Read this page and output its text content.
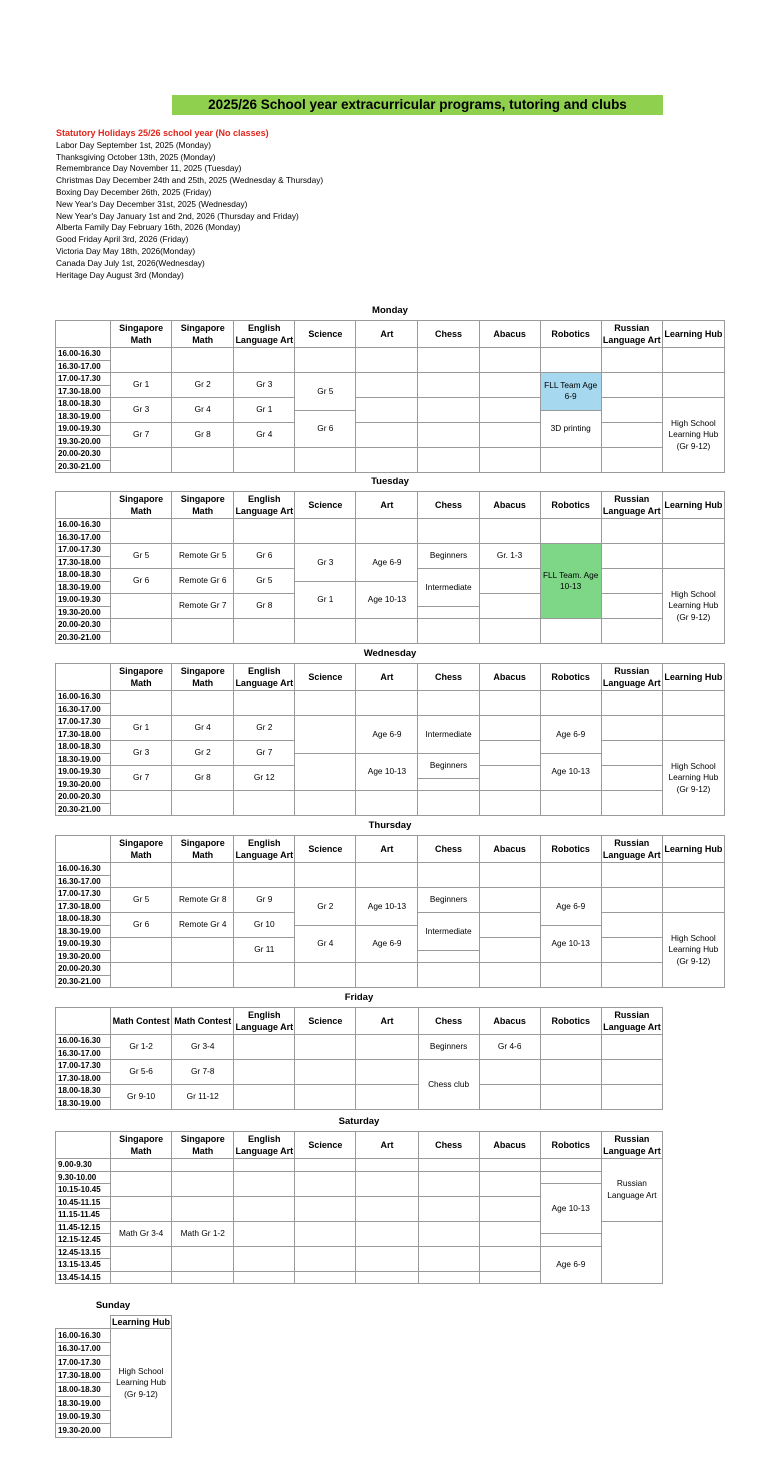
2025/26 School year extracurricular programs, tutoring and clubs
Statutory Holidays 25/26 school year (No classes)
Labor Day September 1st, 2025 (Monday)
Thanksgiving October 13th, 2025 (Monday)
Remembrance Day November 11, 2025 (Tuesday)
Christmas Day December 24th and 25th, 2025 (Wednesday & Thursday)
Boxing Day December 26th, 2025 (Friday)
New Year's Day December 31st, 2025 (Wednesday)
New Year's Day January 1st and 2nd, 2026 (Thursday and Friday)
Alberta Family Day February 16th, 2026 (Monday)
Good Friday April 3rd, 2026 (Friday)
Victoria Day May 18th, 2026(Monday)
Canada Day July 1st, 2026(Wednesday)
Heritage Day August 3rd (Monday)
Monday
	Singapore Math	Singapore Math	English Language Art	Science	Art	Chess	Abacus	Robotics	Russian Language Art	Learning Hub
16.00-16.30										
16.30-17.00										
17.00-17.30	Gr 1	Gr 2	Gr 3	Gr 5				FLL Team Age 6-9		
17.30-18.00										
18.00-18.30	Gr 3	Gr 4	Gr 1							High School Learning Hub (Gr 9-12)
18.30-19.00				Gr 6				3D printing		
19.00-19.30	Gr 7	Gr 8	Gr 4							
19.30-20.00										
20.00-20.30										
20.30-21.00										
Tuesday
	Singapore Math	Singapore Math	English Language Art	Science	Art	Chess	Abacus	Robotics	Russian Language Art	Learning Hub
16.00-16.30										
16.30-17.00										
17.00-17.30	Gr 5	Remote Gr 5	Gr 6	Gr 3	Age 6-9	Beginners	Gr. 1-3	FLL Team. Age 10-13		
17.30-18.00										
18.00-18.30	Gr 6	Remote Gr 6	Gr 5			Intermediate				High School Learning Hub (Gr 9-12)
18.30-19.00				Gr 1	Age 10-13					
19.00-19.30		Remote Gr 7	Gr 8							
19.30-20.00										
20.00-20.30										
20.30-21.00										
Wednesday
	Singapore Math	Singapore Math	English Language Art	Science	Art	Chess	Abacus	Robotics	Russian Language Art	Learning Hub
16.00-16.30										
16.30-17.00										
17.00-17.30	Gr 1	Gr 4	Gr 2		Age 6-9	Intermediate		Age 6-9		
17.30-18.00										
18.00-18.30	Gr 3	Gr 2	Gr 7							High School Learning Hub (Gr 9-12)
18.30-19.00					Age 10-13	Beginners		Age 10-13		
19.00-19.30	Gr 7	Gr 8	Gr 12							
19.30-20.00										
20.00-20.30										
20.30-21.00										
Thursday
	Singapore Math	Singapore Math	English Language Art	Science	Art	Chess	Abacus	Robotics	Russian Language Art	Learning Hub
16.00-16.30										
16.30-17.00										
17.00-17.30	Gr 5	Remote Gr 8	Gr 9	Gr 2	Age 10-13	Beginners		Age 6-9		
17.30-18.00										
18.00-18.30	Gr 6	Remote Gr 4	Gr 10			Intermediate				High School Learning Hub (Gr 9-12)
18.30-19.00				Gr 4	Age 6-9			Age 10-13		
19.00-19.30			Gr 11							
19.30-20.00										
20.00-20.30										
20.30-21.00										
Friday
	Math Contest	Math Contest	English Language Art	Science	Art	Chess	Abacus	Robotics	Russian Language Art
16.00-16.30	Gr 1-2	Gr 3-4				Beginners	Gr 4-6		
16.30-17.00									
17.00-17.30	Gr 5-6	Gr 7-8				Chess club			
17.30-18.00									
18.00-18.30	Gr 9-10	Gr 11-12							
18.30-19.00									
Saturday
	Singapore Math	Singapore Math	English Language Art	Science	Art	Chess	Abacus	Robotics	Russian Language Art
9.00-9.30									Russian Language Art
9.30-10.00									
10.15-10.45								Age 10-13	
10.45-11.15									
11.15-11.45									
11.45-12.15	Math Gr 3-4	Math Gr 1-2							
12.15-12.45									
12.45-13.15								Age 6-9	
13.15-13.45									
13.45-14.15									
Sunday
	Learning Hub
16.00-16.30	High School Learning Hub (Gr 9-12)
16.30-17.00	
17.00-17.30	
17.30-18.00	
18.00-18.30	
18.30-19.00	
19.00-19.30	
19.30-20.00	
